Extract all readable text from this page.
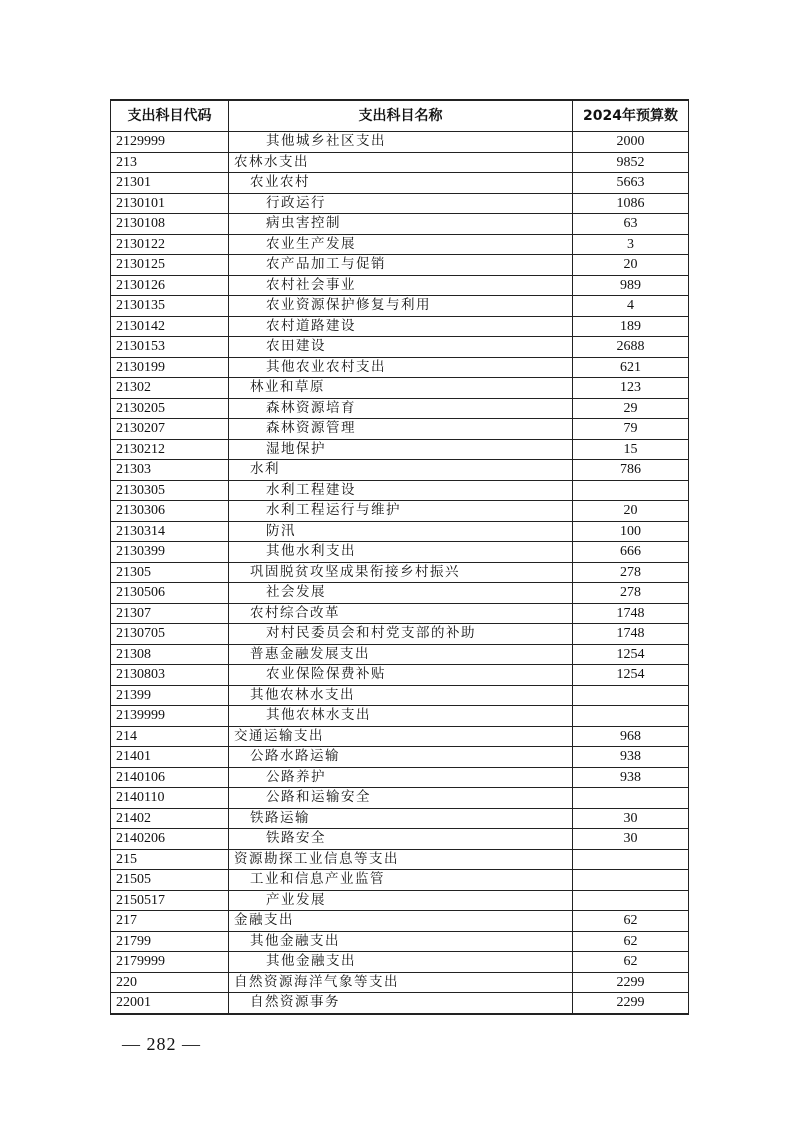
支出科目代码	支出科目名称	2024年预算数
2129999	其他城乡社区支出	2000
213	农林水支出	9852
21301	农业农村	5663
2130101	行政运行	1086
2130108	病虫害控制	63
2130122	农业生产发展	3
2130125	农产品加工与促销	20
2130126	农村社会事业	989
2130135	农业资源保护修复与利用	4
2130142	农村道路建设	189
2130153	农田建设	2688
2130199	其他农业农村支出	621
21302	林业和草原	123
2130205	森林资源培育	29
2130207	森林资源管理	79
2130212	湿地保护	15
21303	水利	786
2130305	水利工程建设	
2130306	水利工程运行与维护	20
2130314	防汛	100
2130399	其他水利支出	666
21305	巩固脱贫攻坚成果衔接乡村振兴	278
2130506	社会发展	278
21307	农村综合改革	1748
2130705	对村民委员会和村党支部的补助	1748
21308	普惠金融发展支出	1254
2130803	农业保险保费补贴	1254
21399	其他农林水支出	
2139999	其他农林水支出	
214	交通运输支出	968
21401	公路水路运输	938
2140106	公路养护	938
2140110	公路和运输安全	
21402	铁路运输	30
2140206	铁路安全	30
215	资源勘探工业信息等支出	
21505	工业和信息产业监管	
2150517	产业发展	
217	金融支出	62
21799	其他金融支出	62
2179999	其他金融支出	62
220	自然资源海洋气象等支出	2299
22001	自然资源事务	2299
— 282 —
